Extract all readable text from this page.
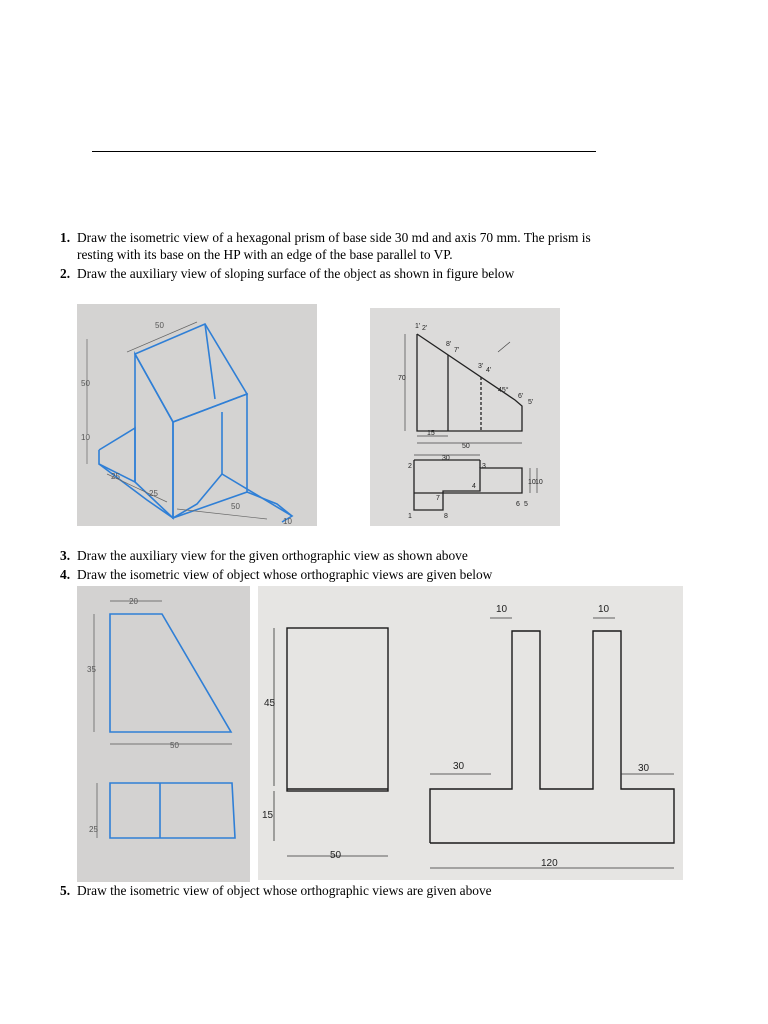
1. Draw the isometric view of a hexagonal prism of base side 30 md and axis 70 mm. The prism is
resting with its base on the HP with an edge of the base parallel to VP.
2. Draw the auxiliary view of sloping surface of the object as shown in figure below
50
50
10
25
25
50
10
1' 2'
8'
7'
3'
4'
6'
5'
70
45°
15
50
30
10 10
2	3
4
7
1	8
6 5
3. Draw the auxiliary view for the given orthographic view as shown above
4. Draw the isometric view of object whose orthographic views are given below
20
35
50
25
10	10
45
30	30
15
50
120
5. Draw the isometric view of object whose orthographic views are given above
